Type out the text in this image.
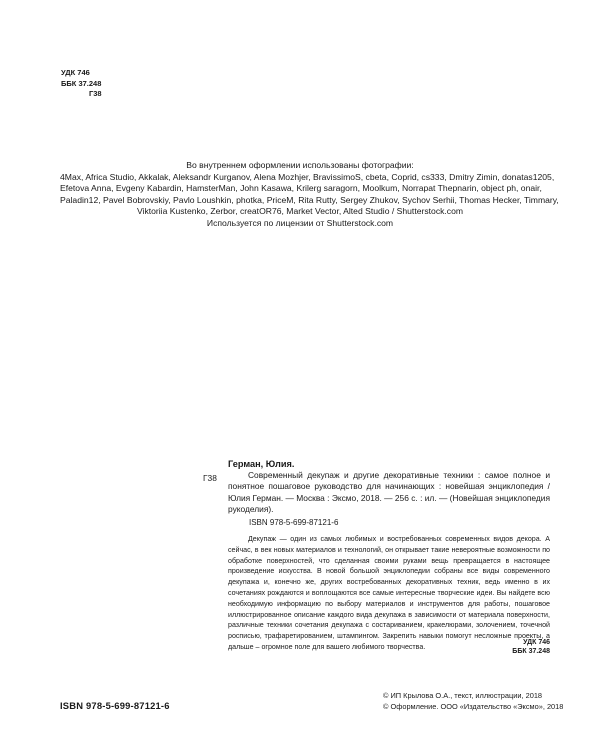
УДК 746
ББК 37.248
Г38
Во внутреннем оформлении использованы фотографии:
4Max, Africa Studio, Akkalak, Aleksandr Kurganov, Alena Mozhjer, BravissimoS, cbeta, Coprid, cs333, Dmitry Zimin, donatas1205,
Efetova Anna, Evgeny Kabardin, HamsterMan, John Kasawa, Krilerg saragorn, Moolkum, Norrapat Thepnarin, object ph, onair,
Paladin12, Pavel Bobrovskiy, Pavlo Loushkin, photka, PriceM, Rita Rutty, Sergey Zhukov, Sychov Serhii, Thomas Hecker, Timmary,
Viktoriia Kustenko, Zerbor, creatOR76, Market Vector, Alted Studio / Shutterstock.com
Используется по лицензии от Shutterstock.com
Г38
Герман, Юлия.
Современный декупаж и другие декоративные техники : самое полное и понятное пошаговое руководство для начинающих : новейшая энциклопедия / Юлия Герман. — Москва : Эксмо, 2018. — 256 с. : ил. — (Новейшая энциклопедия рукоделия).
ISBN 978-5-699-87121-6
Декупаж — один из самых любимых и востребованных современных видов декора. А сейчас, в век новых материалов и технологий, он открывает такие невероятные возможности по обработке поверхностей, что сделанная своими руками вещь превращается в настоящее произведение искусства. В новой большой энциклопедии собраны все виды современного декупажа и, конечно же, других востребованных декоративных техник, ведь именно в их сочетаниях рождаются и воплощаются все самые интересные творческие идеи. Вы найдете всю необходимую информацию по выбору материалов и инструментов для работы, пошаговое иллюстрированное описание каждого вида декупажа в зависимости от материала поверхности, различные техники сочетания декупажа с состариванием, кракелюрами, золочением, точечной росписью, трафаретированием, штампингом. Закрепить навыки помогут несложные проекты, а дальше – огромное поле для вашего любимого творчества.
УДК 746
ББК 37.248
ISBN 978-5-699-87121-6
© ИП Крылова О.А., текст, иллюстрации, 2018
© Оформление. ООО «Издательство «Эксмо», 2018
